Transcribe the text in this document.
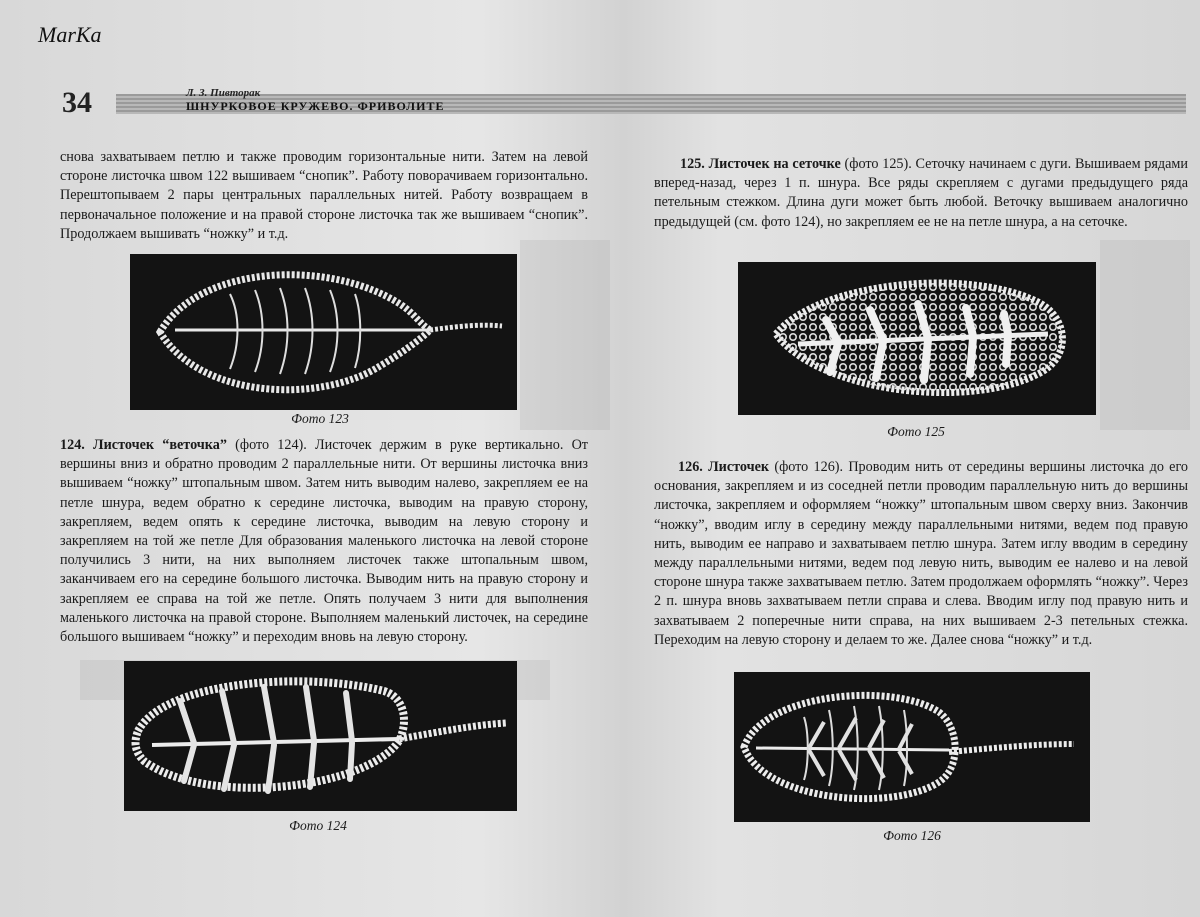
MarKa
34	Л. З. Пивторак
ШНУРКОВОЕ КРУЖЕВО. ФРИВОЛИТЕ

снова захватываем петлю и также проводим горизонтальные нити. Затем на левой стороне листочка швом 122 вышиваем “снопик”. Работу поворачиваем горизонтально. Перештопываем 2 пары центральных параллельных нитей. Работу возвращаем в первоначальное положение и на правой стороне листочка так же вышиваем “снопик”. Продолжаем вышивать “ножку” и т.д.

Фото 123

124. Листочек “веточка” (фото 124). Листочек держим в руке вертикально. От вершины вниз и обратно проводим 2 параллельные нити. От вершины листочка вниз вышиваем “ножку” штопальным швом. Затем нить выводим налево, закрепляем ее на петле шнура, ведем обратно к середине листочка, выводим на правую сторону, закрепляем, ведем опять к середине листочка, выводим на левую сторону и закрепляем на той же петле Для образования маленького листочка на левой стороне получились 3 нити, на них выполняем листочек также штопальным швом, заканчиваем его на середине большого листочка. Выводим нить на правую сторону и закрепляем ее справа на той же петле. Опять получаем 3 нити для выполнения маленького листочка на правой стороне. Выполняем маленький листочек, на середине большого вышиваем “ножку” и переходим вновь на левую сторону.

Фото 124

125. Листочек на сеточке (фото 125). Сеточку начинаем с дуги. Вышиваем рядами вперед-назад, через 1 п. шнура. Все ряды скрепляем с дугами предыдущего ряда петельным стежком. Длина дуги может быть любой. Веточку вышиваем аналогично предыдущей (см. фото 124), но закрепляем ее не на петле шнура, а на сеточке.

Фото 125

126. Листочек (фото 126). Проводим нить от середины вершины листочка до его основания, закрепляем и из соседней петли проводим параллельную нить до вершины листочка, закрепляем и оформляем “ножку” штопальным швом сверху вниз. Закончив “ножку”, вводим иглу в середину между параллельными нитями, ведем под правую нить, выводим ее направо и захватываем петлю шнура. Затем иглу вводим в середину между параллельными нитями, ведем под левую нить, выводим ее налево и на левой стороне шнура также захватываем петлю. Затем продолжаем оформлять “ножку”. Через 2 п. шнура вновь захватываем петли справа и слева. Вводим иглу под правую нить и захватываем 2 поперечные нити справа, на них вышиваем 2-3 петельных стежка. Переходим на левую сторону и делаем то же. Далее снова “ножку” и т.д.

Фото 126
